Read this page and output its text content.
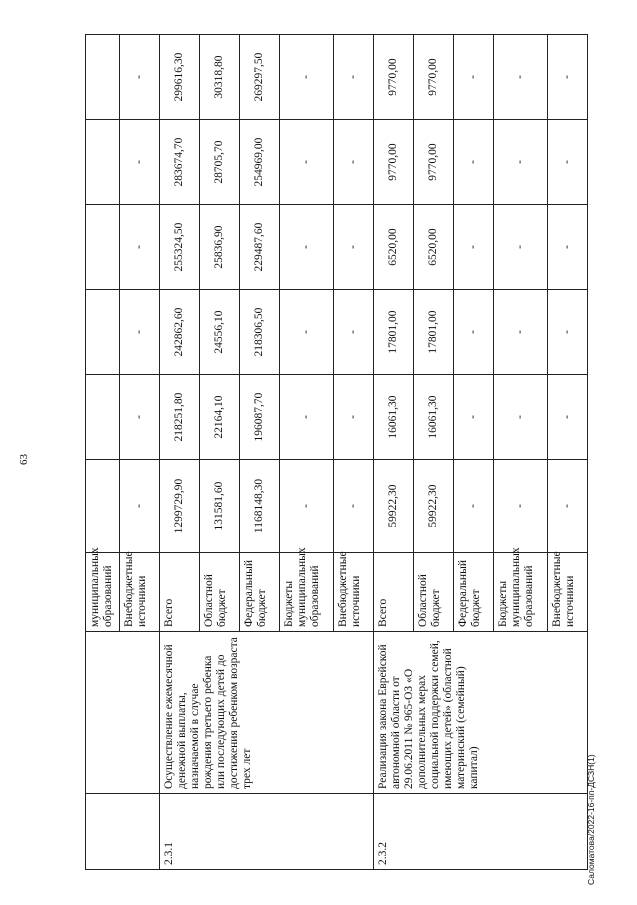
63
		муниципальных образований						
		Внебюджетные источники	-	-	-	-	-	-
2.3.1	Осуществление ежемесячной денежной выплаты, назначаемой в случае рождения третьего ребенка или последующих детей до достижения ребенком возраста трех лет	Всего	1299729,90	218251,80	242862,60	255324,50	283674,70	299616,30
		Областной бюджет	131581,60	22164,10	24556,10	25836,90	28705,70	30318,80
		Федеральный бюджет	1168148,30	196087,70	218306,50	229487,60	254969,00	269297,50
		Бюджеты муниципальных образований	-	-	-	-	-	-
		Внебюджетные источники	-	-	-	-	-	-
2.3.2	Реализация закона Еврейской автономной области от 29.06.2011 № 965-ОЗ «О дополнительных мерах социальной поддержки семей, имеющих детей» (областной материнский (семейный) капитал)	Всего	59922,30	16061,30	17801,00	6520,00	9770,00	9770,00
		Областной бюджет	59922,30	16061,30	17801,00	6520,00	9770,00	9770,00
		Федеральный бюджет	-	-	-	-	-	-
		Бюджеты муниципальных образований	-	-	-	-	-	-
		Внебюджетные источники	-	-	-	-	-	-
Саломатова/2022-16-пп-ДСЗН(1)
